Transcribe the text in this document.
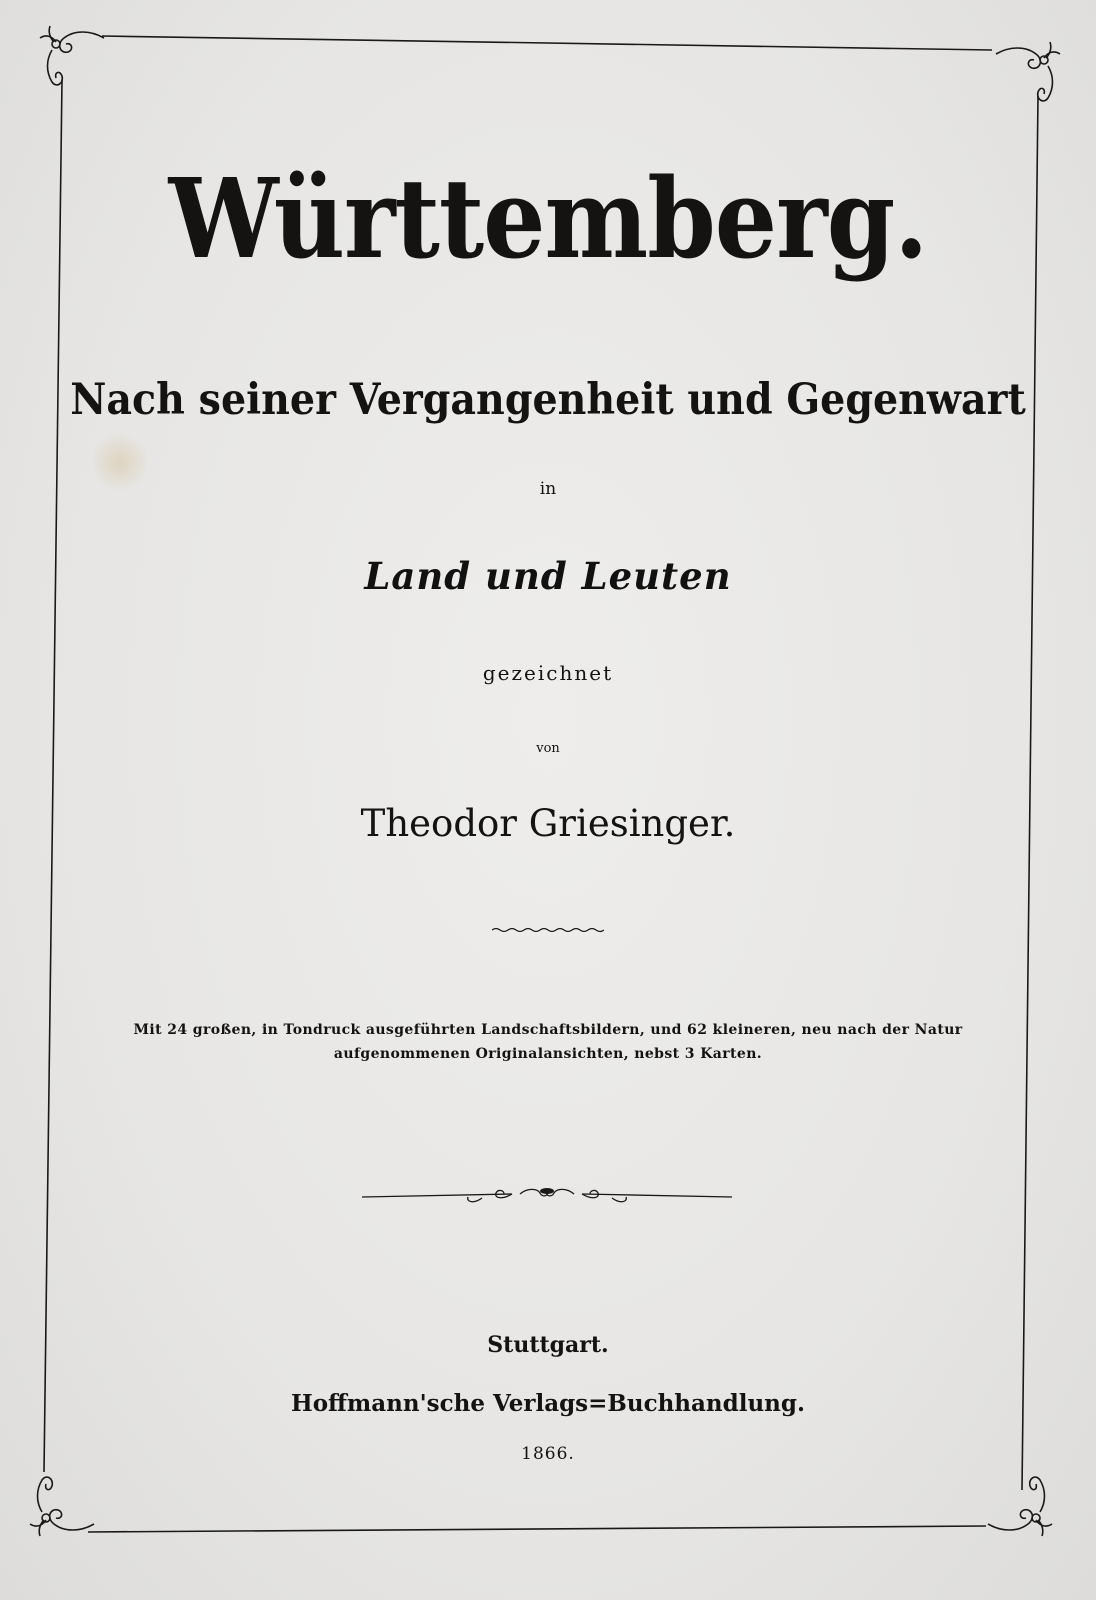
Württemberg.
Nach seiner Vergangenheit und Gegenwart
in
Land und Leuten
gezeichnet
von
Theodor Griesinger.
Mit 24 großen, in Tondruck ausgeführten Landschaftsbildern, und 62 kleineren, neu nach der Natur
aufgenommenen Originalansichten, nebst 3 Karten.
Stuttgart.
Hoffmann'sche Verlags=Buchhandlung.
1866.
